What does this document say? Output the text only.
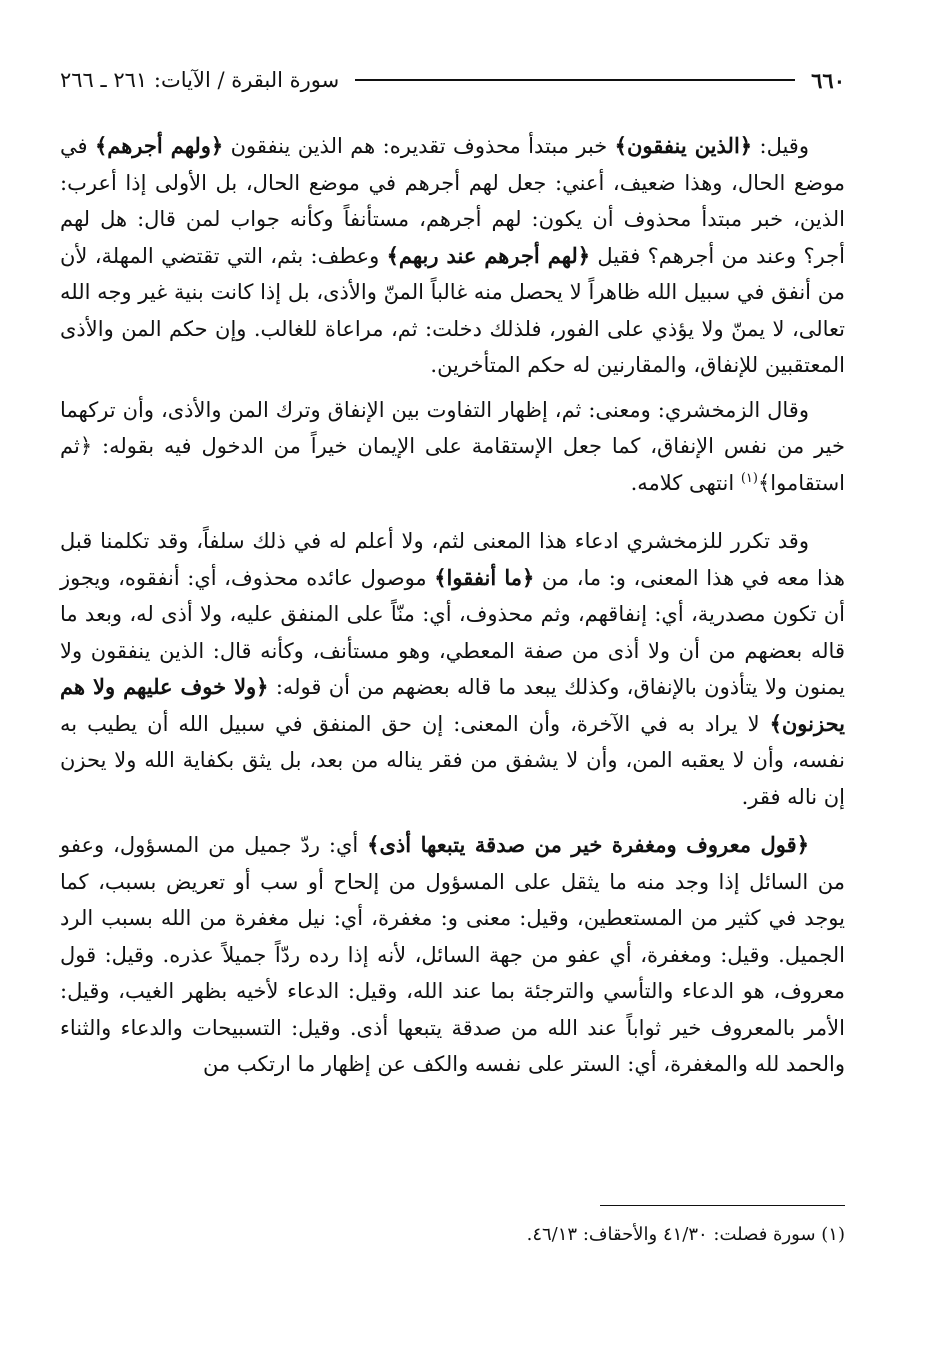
٦٦٠
سورة البقرة / الآيات: ٢٦١ ـ ٢٦٦

وقيل: ﴿الذين ينفقون﴾ خبر مبتدأ محذوف تقديره: هم الذين ينفقون ﴿ولهم أجرهم﴾ في موضع الحال، وهذا ضعيف، أعني: جعل لهم أجرهم في موضع الحال، بل الأولى إذا أعرب: الذين، خبر مبتدأ محذوف أن يكون: لهم أجرهم، مستأنفاً وكأنه جواب لمن قال: هل لهم أجر؟ وعند من أجرهم؟ فقيل ﴿لهم أجرهم عند ربهم﴾ وعطف: بثم، التي تقتضي المهلة، لأن من أنفق في سبيل الله ظاهراً لا يحصل منه غالباً المنّ والأذى، بل إذا كانت بنية غير وجه الله تعالى، لا يمنّ ولا يؤذي على الفور، فلذلك دخلت: ثم، مراعاة للغالب. وإن حكم المن والأذى المعتقبين للإنفاق، والمقارنين له حكم المتأخرين.

وقال الزمخشري: ومعنى: ثم، إظهار التفاوت بين الإنفاق وترك المن والأذى، وأن تركهما خير من نفس الإنفاق، كما جعل الإستقامة على الإيمان خيراً من الدخول فيه بقوله: ﴿ثم استقاموا﴾$^{(١)}$ انتهى كلامه.

وقد تكرر للزمخشري ادعاء هذا المعنى لثم، ولا أعلم له في ذلك سلفاً، وقد تكلمنا قبل هذا معه في هذا المعنى، و: ما، من ﴿ما أنفقوا﴾ موصول عائده محذوف، أي: أنفقوه، ويجوز أن تكون مصدرية، أي: إنفاقهم، وثم محذوف، أي: منّاً على المنفق عليه، ولا أذى له، وبعد ما قاله بعضهم من أن ولا أذى من صفة المعطي، وهو مستأنف، وكأنه قال: الذين ينفقون ولا يمنون ولا يتأذون بالإنفاق، وكذلك يبعد ما قاله بعضهم من أن قوله: ﴿ولا خوف عليهم ولا هم يحزنون﴾ لا يراد به في الآخرة، وأن المعنى: إن حق المنفق في سبيل الله أن يطيب به نفسه، وأن لا يعقبه المن، وأن لا يشفق من فقر يناله من بعد، بل يثق بكفاية الله ولا يحزن إن ناله فقر.

﴿قول معروف ومغفرة خير من صدقة يتبعها أذى﴾ أي: ردّ جميل من المسؤول، وعفو من السائل إذا وجد منه ما يثقل على المسؤول من إلحاح أو سب أو تعريض بسبب، كما يوجد في كثير من المستعطين، وقيل: معنى و: مغفرة، أي: نيل مغفرة من الله بسبب الرد الجميل. وقيل: ومغفرة، أي عفو من جهة السائل، لأنه إذا رده ردّاً جميلاً عذره. وقيل: قول معروف، هو الدعاء والتأسي والترجئة بما عند الله، وقيل: الدعاء لأخيه بظهر الغيب، وقيل: الأمر بالمعروف خير ثواباً عند الله من صدقة يتبعها أذى. وقيل: التسبيحات والدعاء والثناء والحمد لله والمغفرة، أي: الستر على نفسه والكف عن إظهار ما ارتكب من

(١) سورة فصلت: ٤١/٣٠ والأحقاف: ٤٦/١٣.
